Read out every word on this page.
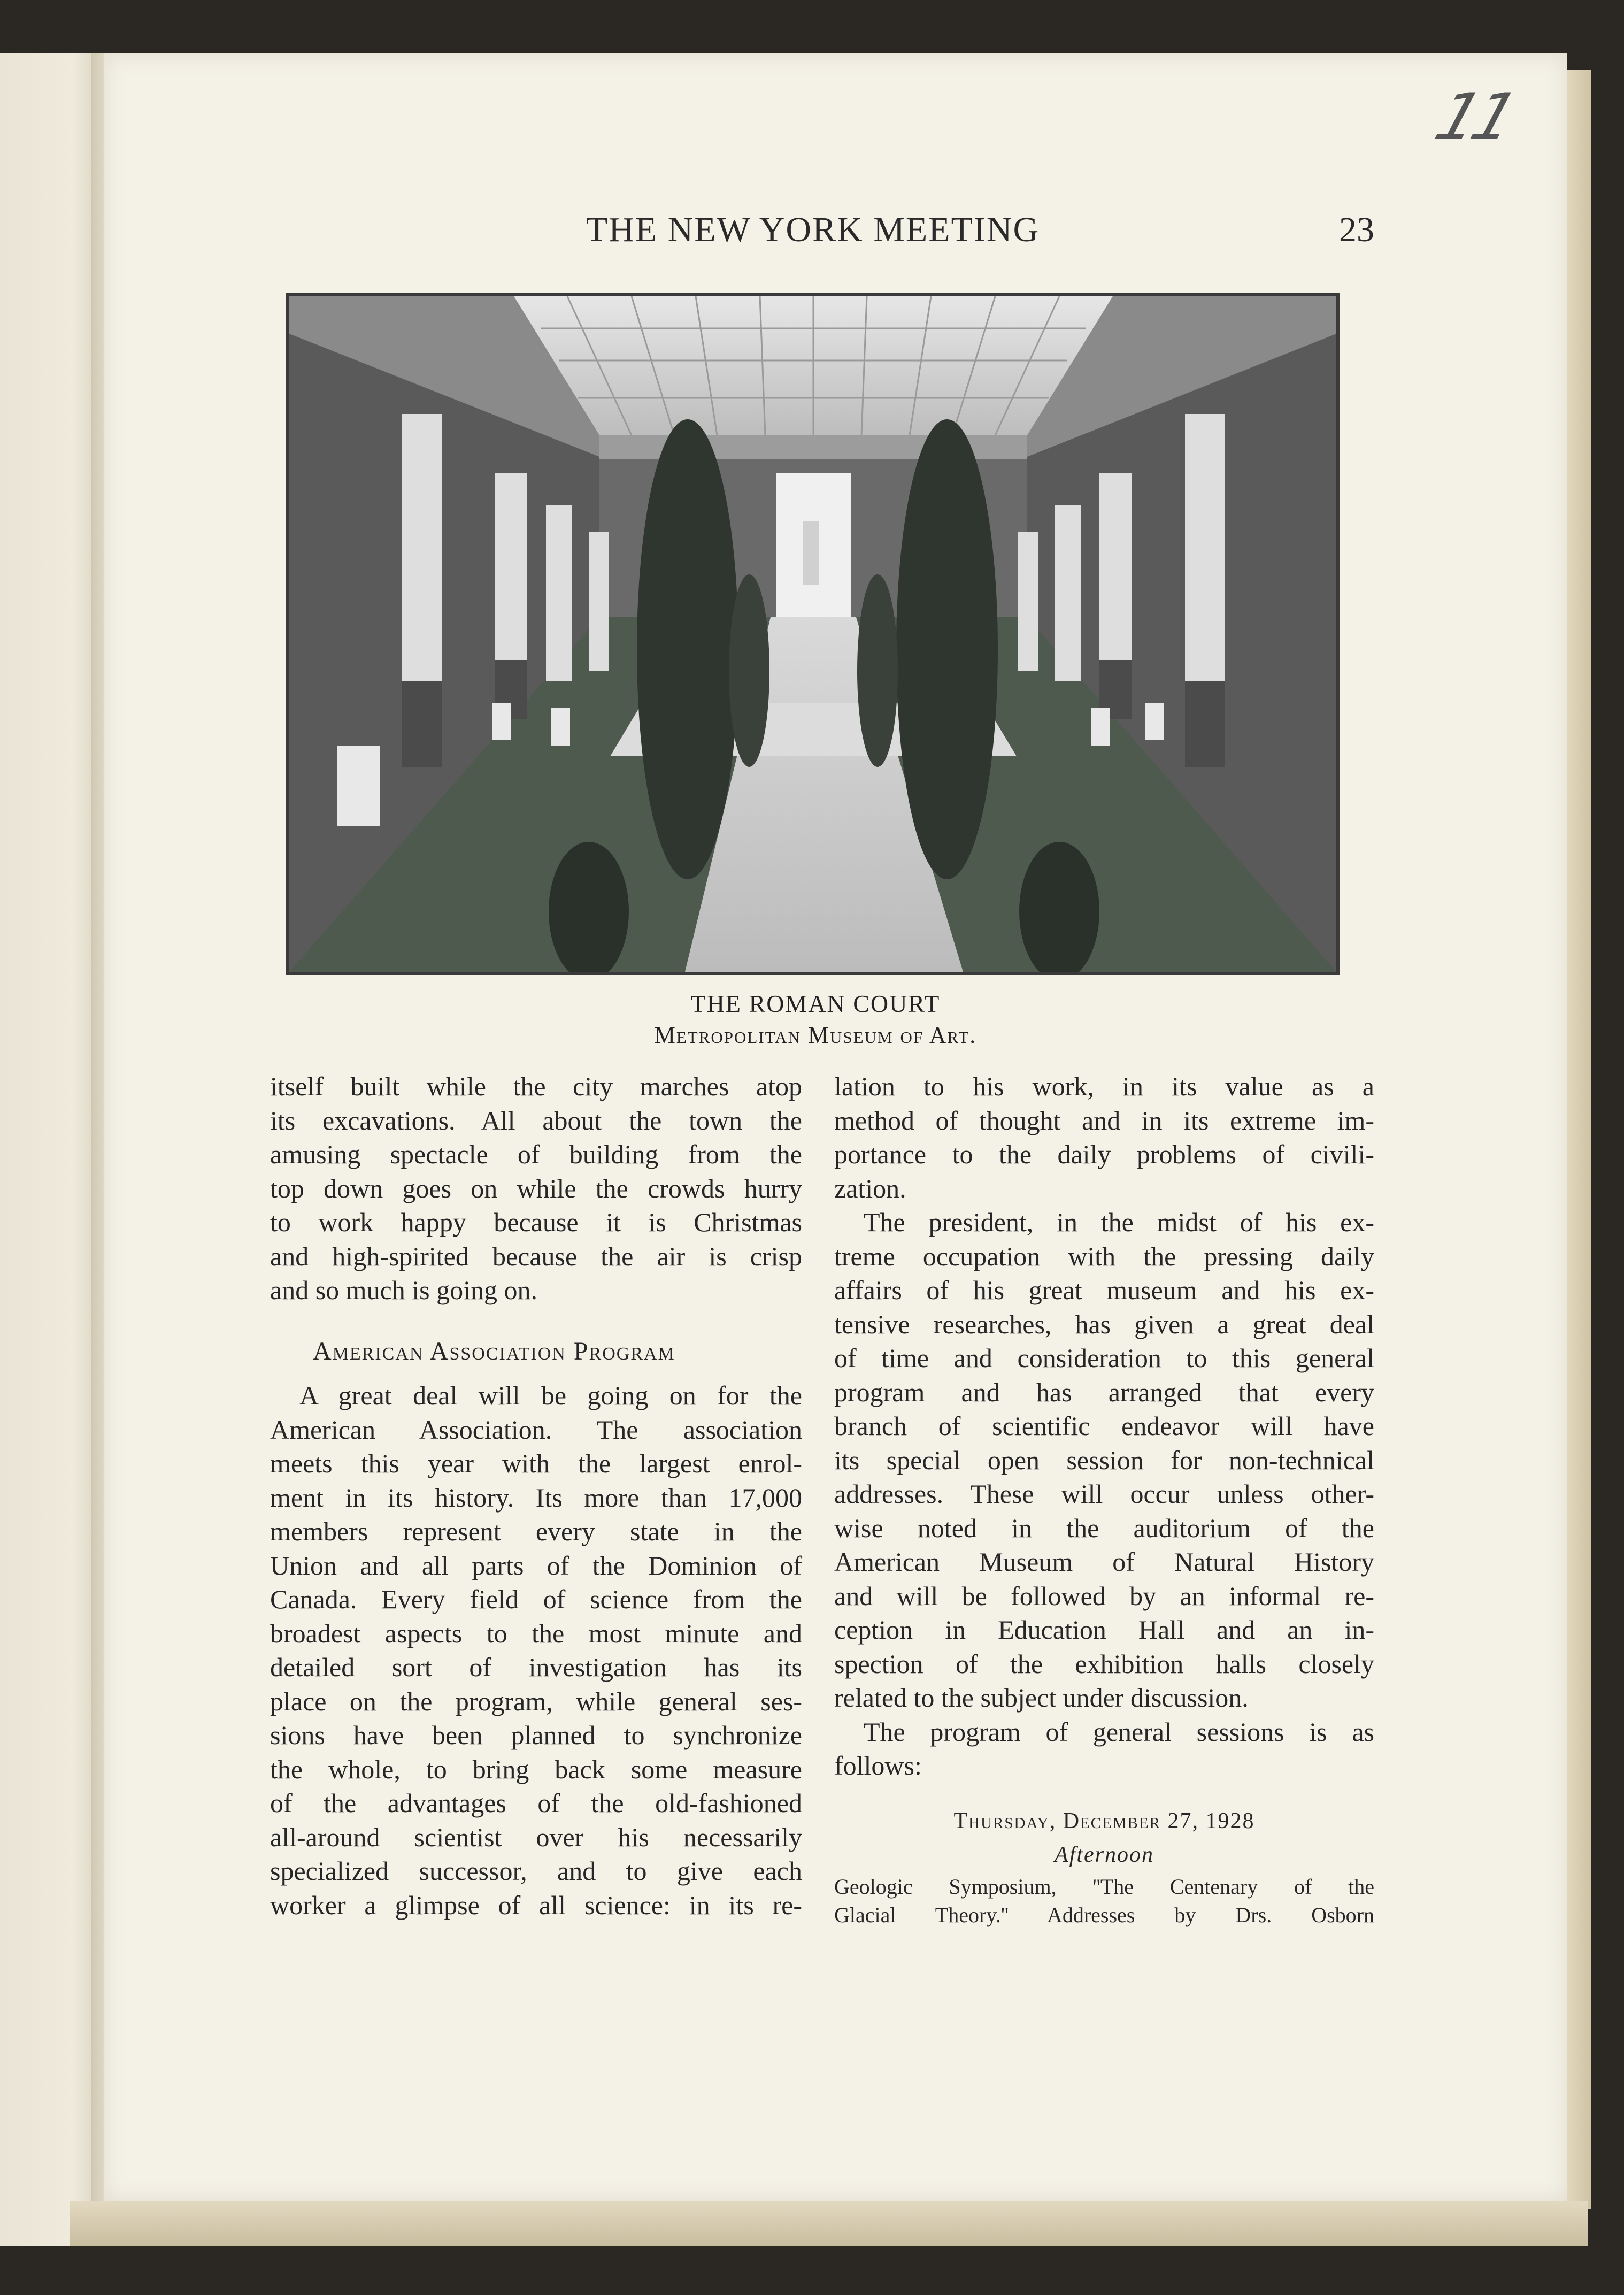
11
THE NEW YORK MEETING	23
THE ROMAN COURT
Metropolitan Museum of Art.
itself built while the city marches atop
its excavations. All about the town the
amusing spectacle of building from the
top down goes on while the crowds hurry
to work happy because it is Christmas
and high-spirited because the air is crisp
and so much is going on.
American Association Program
A great deal will be going on for the
American Association. The association
meets this year with the largest enrol-
ment in its history. Its more than 17,000
members represent every state in the
Union and all parts of the Dominion of
Canada. Every field of science from the
broadest aspects to the most minute and
detailed sort of investigation has its
place on the program, while general ses-
sions have been planned to synchronize
the whole, to bring back some measure
of the advantages of the old-fashioned
all-around scientist over his necessarily
specialized successor, and to give each
worker a glimpse of all science: in its re-
lation to his work, in its value as a
method of thought and in its extreme im-
portance to the daily problems of civili-
zation.
The president, in the midst of his ex-
treme occupation with the pressing daily
affairs of his great museum and his ex-
tensive researches, has given a great deal
of time and consideration to this general
program and has arranged that every
branch of scientific endeavor will have
its special open session for non-technical
addresses. These will occur unless other-
wise noted in the auditorium of the
American Museum of Natural History
and will be followed by an informal re-
ception in Education Hall and an in-
spection of the exhibition halls closely
related to the subject under discussion.
The program of general sessions is as
follows:
Thursday, December 27, 1928
Afternoon
Geologic Symposium, ''The Centenary of the
Glacial Theory.'' Addresses by Drs. Osborn
